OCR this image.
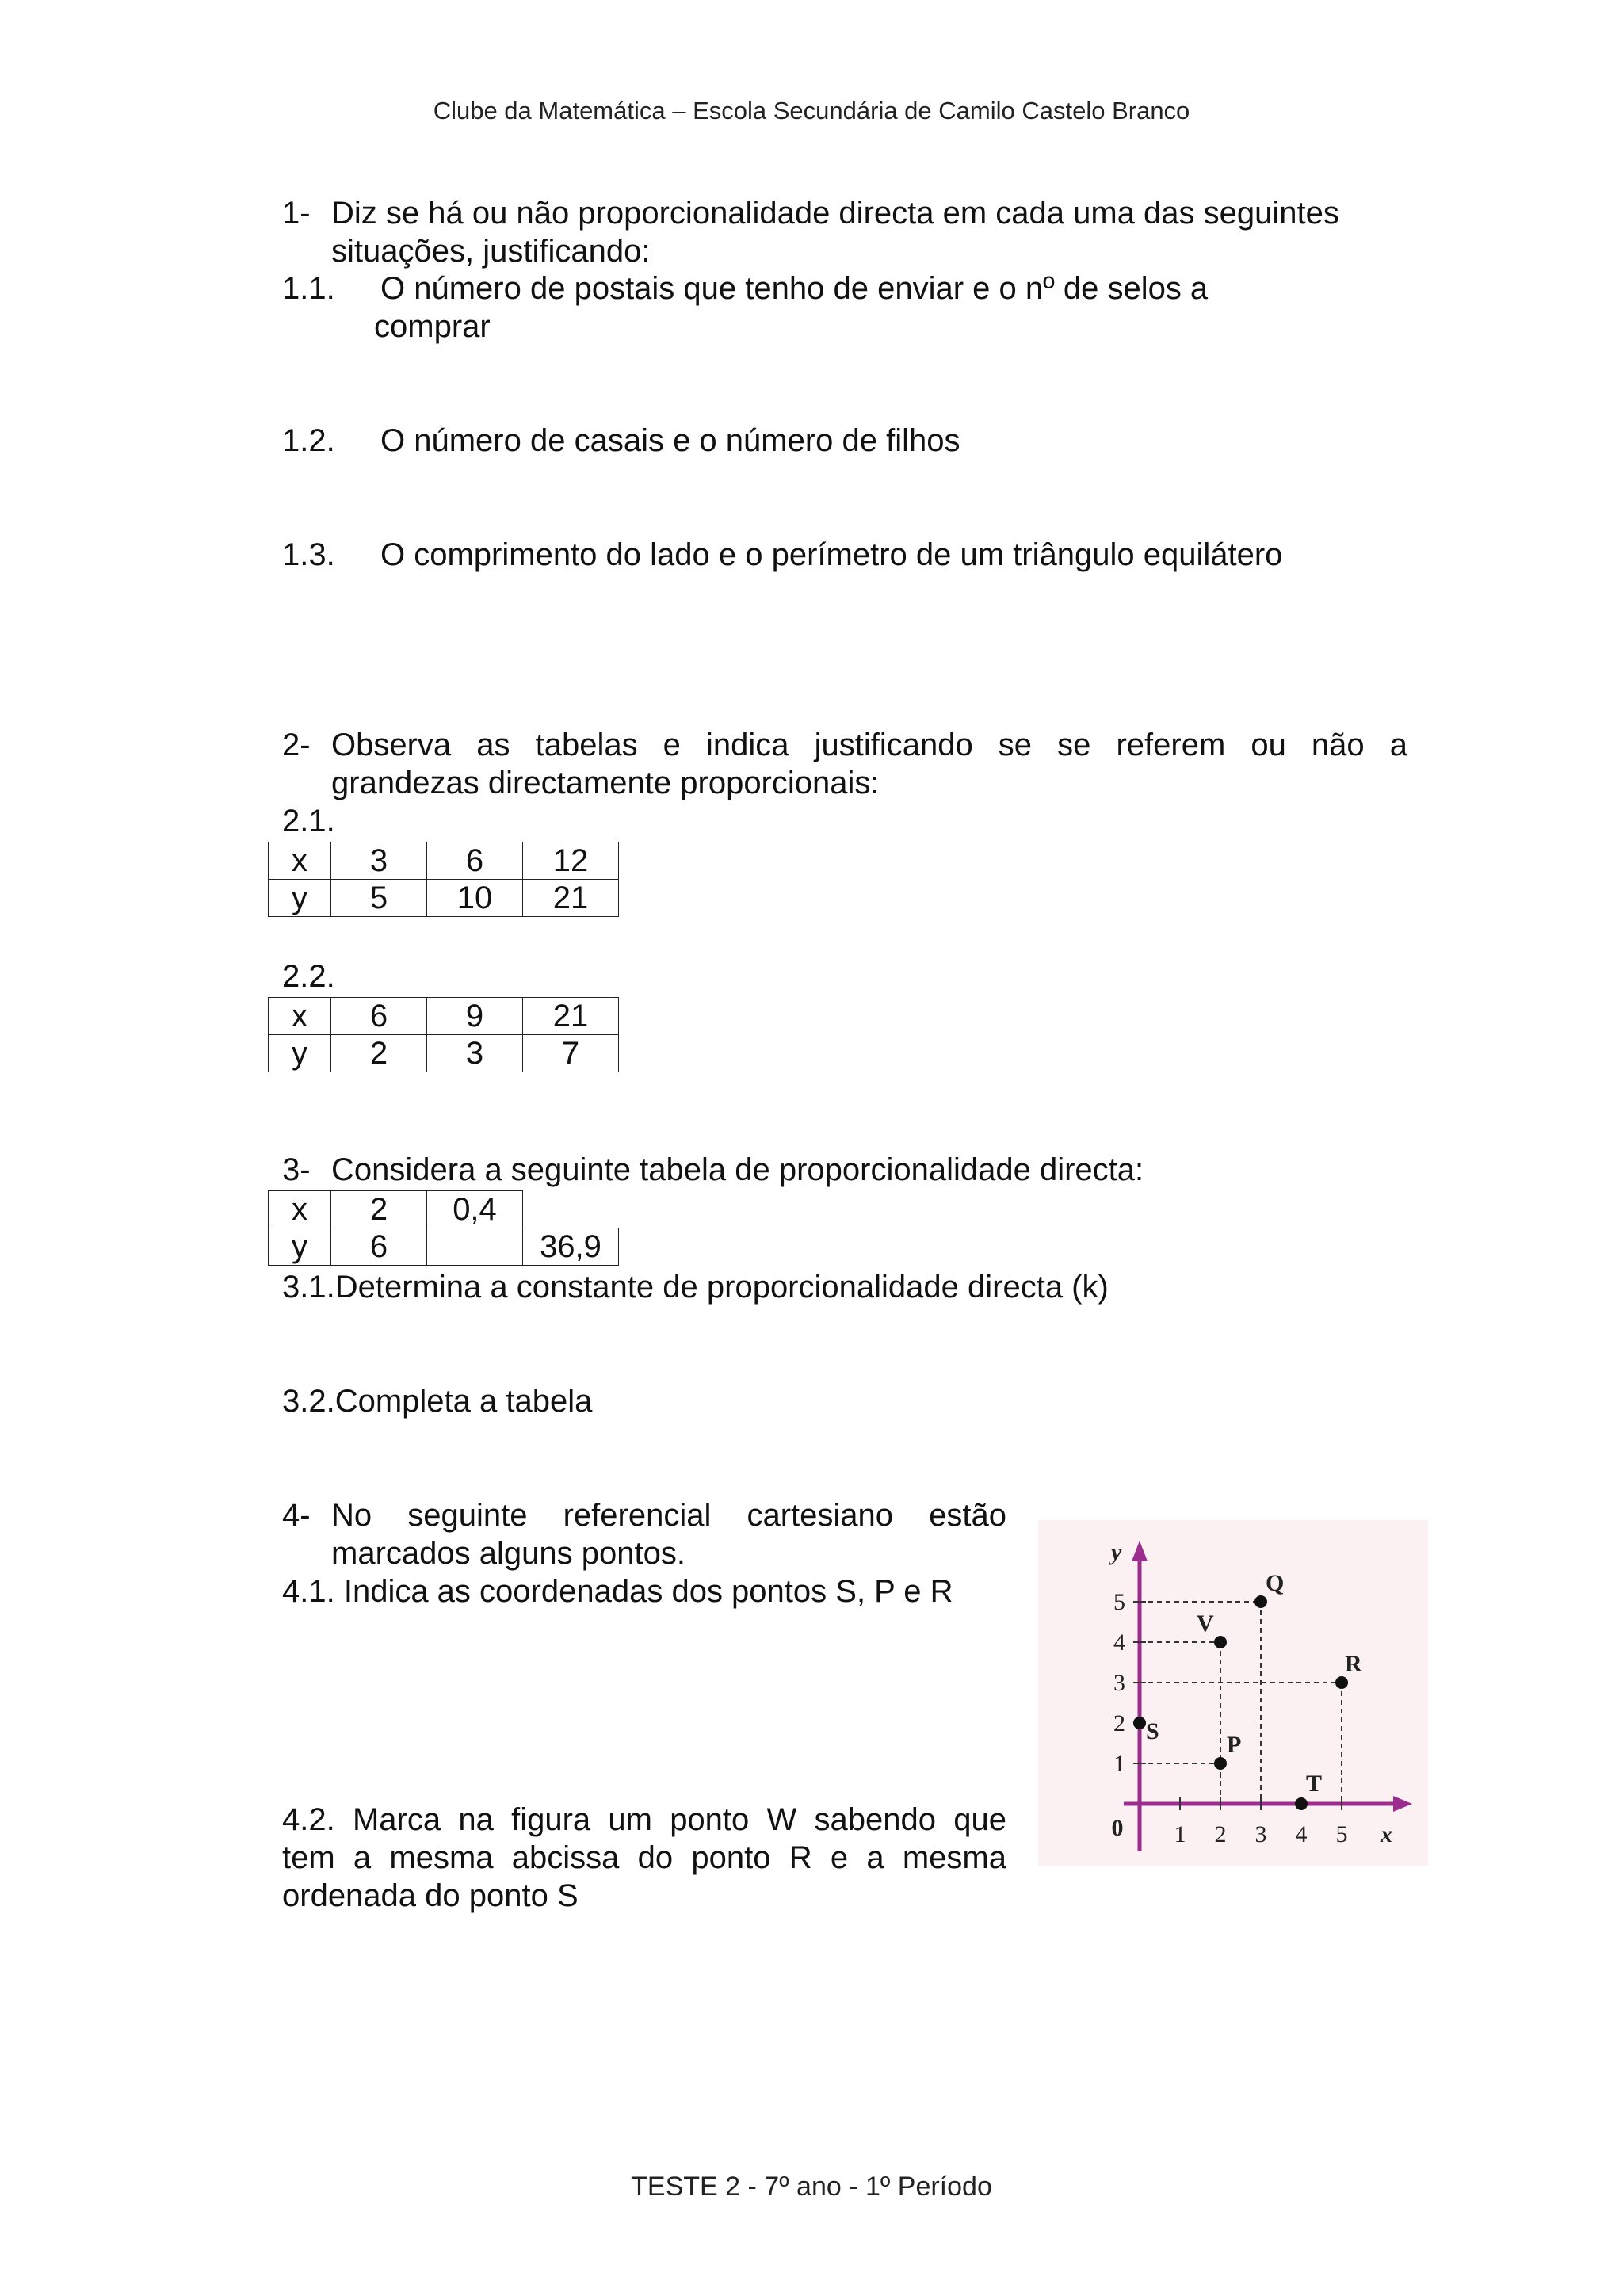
Clube da Matemática – Escola Secundária de Camilo Castelo Branco
1- Diz se há ou não proporcionalidade directa em cada uma das seguintes
situações, justificando:
1.1. O número de postais que tenho de enviar e o nº de selos a
comprar
1.2. O número de casais e o número de filhos
1.3. O comprimento do lado e o perímetro de um triângulo equilátero
2- Observa as tabelas e indica justificando se se referem ou não a
grandezas directamente proporcionais:
2.1.
x	3	6	12
y	5	10	21
2.2.
x	6	9	21
y	2	3	7
3- Considera a seguinte tabela de proporcionalidade directa:
x	2	0,4	
y	6		36,9
3.1.Determina a constante de proporcionalidade directa (k)
3.2.Completa a tabela
4- No seguinte referencial cartesiano estão
marcados alguns pontos.
4.1. Indica as coordenadas dos pontos S, P e R
4.2. Marca na figura um ponto W sabendo que
tem a mesma abcissa do ponto R e a mesma
ordenada do ponto S
1 2 3 4 5
1
2
3
4
5
0	x
y
S
P
V
Q
R
T
TESTE 2 - 7º ano - 1º Período
